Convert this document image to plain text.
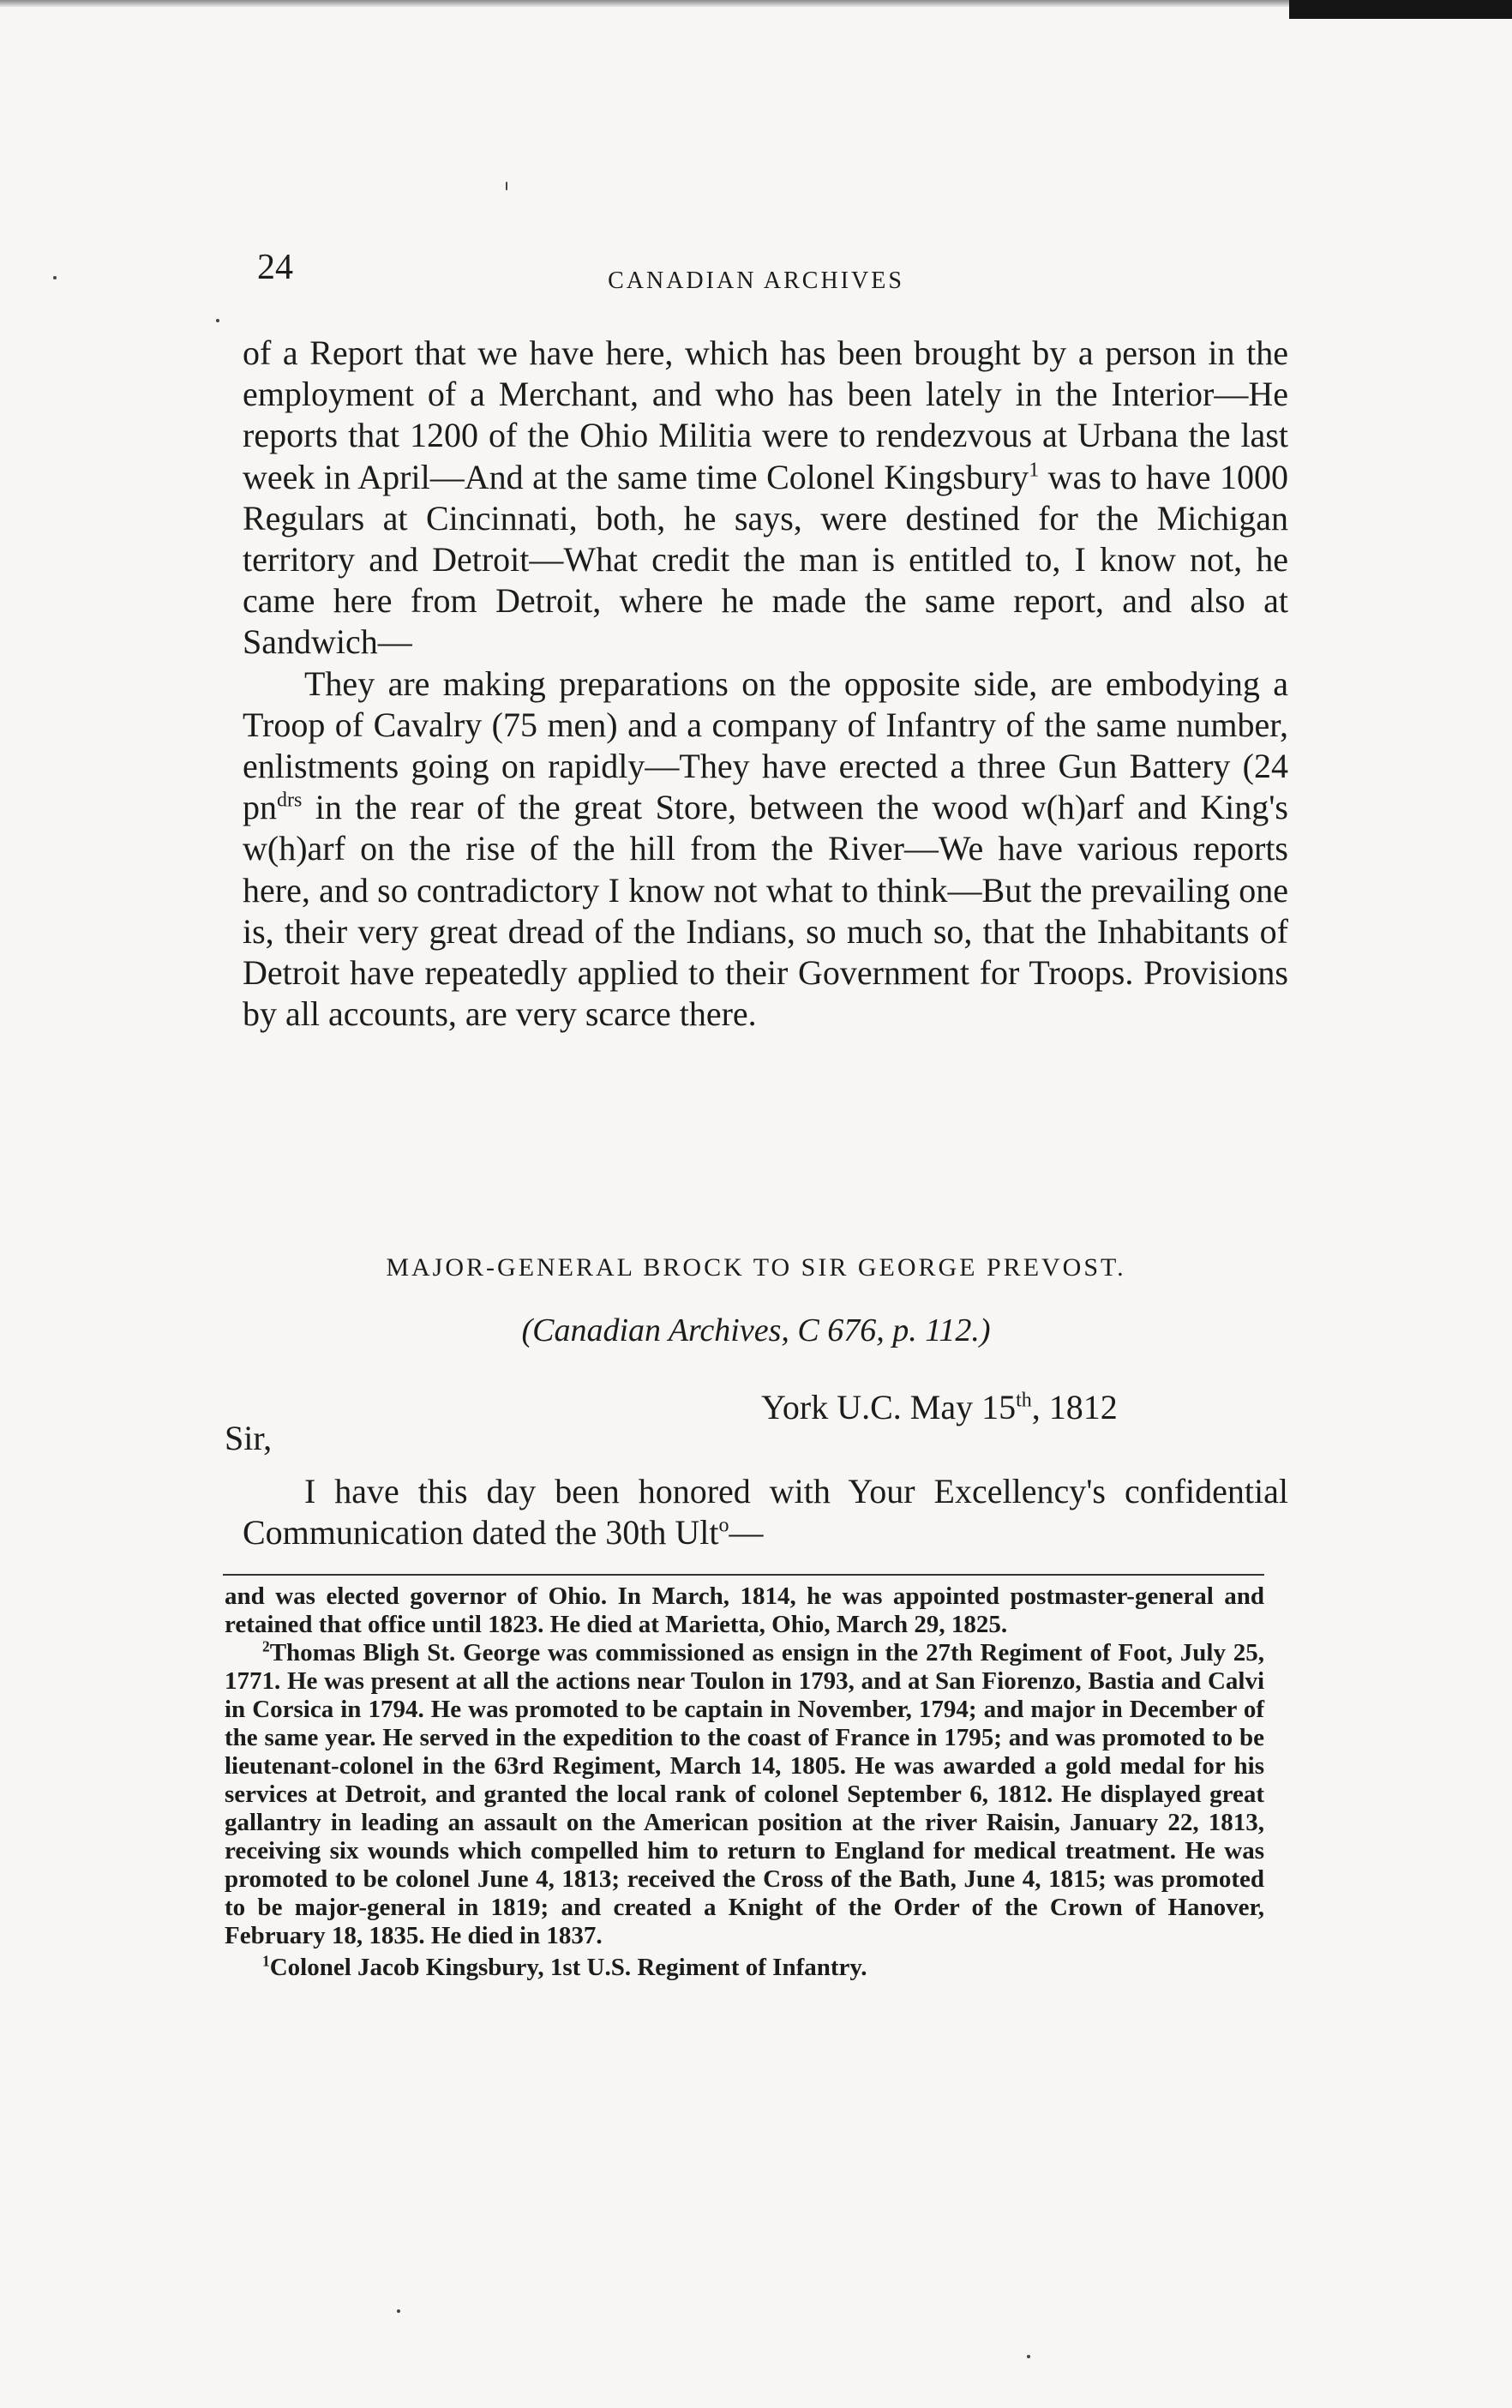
24	CANADIAN ARCHIVES

of a Report that we have here, which has been brought by a person in the employment of a Merchant, and who has been lately in the Interior—He reports that 1200 of the Ohio Militia were to rendezvous at Urbana the last week in April—And at the same time Colonel Kingsbury$^1$ was to have 1000 Regulars at Cincinnati, both, he says, were destined for the Michigan territory and Detroit—What credit the man is entitled to, I know not, he came here from Detroit, where he made the same report, and also at Sandwich—

They are making preparations on the opposite side, are embodying a Troop of Cavalry (75 men) and a company of Infantry of the same number, enlistments going on rapidly—They have erected a three Gun Battery (24 $pn^{drs}$ in the rear of the great Store, between the wood w(h)arf and King's w(h)arf on the rise of the hill from the River—We have various reports here, and so contradictory I know not what to think—But the prevailing one is, their very great dread of the Indians, so much so, that the Inhabitants of Detroit have repeatedly applied to their Government for Troops. Provisions by all accounts, are very scarce there.

MAJOR-GENERAL BROCK TO SIR GEORGE PREVOST.
(Canadian Archives, C 676, p. 112.)
York U.C. May 15th, 1812
Sir,

I have this day been honored with Your Excellency's confidential Communication dated the 30th Ult$^o$—

and was elected governor of Ohio. In March, 1814, he was appointed postmaster-general and retained that office until 1823. He died at Marietta, Ohio, March 29, 1825.

$^2$Thomas Bligh St. George was commissioned as ensign in the 27th Regiment of Foot, July 25, 1771. He was present at all the actions near Toulon in 1793, and at San Fiorenzo, Bastia and Calvi in Corsica in 1794. He was promoted to be captain in November, 1794; and major in December of the same year. He served in the expedition to the coast of France in 1795; and was promoted to be lieutenant-colonel in the 63rd Regiment, March 14, 1805. He was awarded a gold medal for his services at Detroit, and granted the local rank of colonel September 6, 1812. He displayed great gallantry in leading an assault on the American position at the river Raisin, January 22, 1813, receiving six wounds which compelled him to return to England for medical treatment. He was promoted to be colonel June 4, 1813; received the Cross of the Bath, June 4, 1815; was promoted to be major-general in 1819; and created a Knight of the Order of the Crown of Hanover, February 18, 1835. He died in 1837.

$^1$Colonel Jacob Kingsbury, 1st U.S. Regiment of Infantry.
